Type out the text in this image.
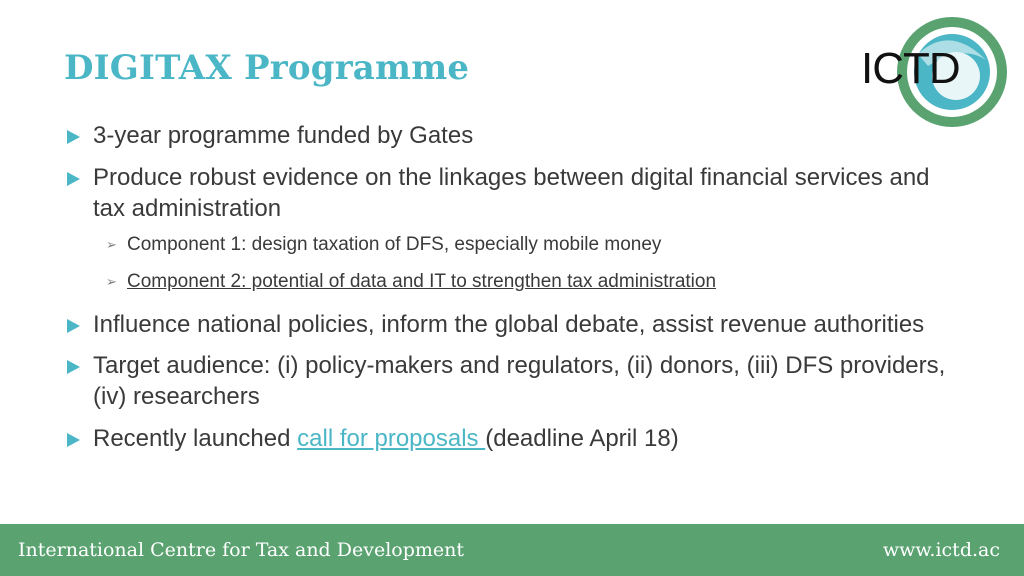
DIGITAX Programme	ICTD
3-year programme funded by Gates
Produce robust evidence on the linkages between digital financial services and tax administration
➢ Component 1: design taxation of DFS, especially mobile money
➢ Component 2: potential of data and IT to strengthen tax administration
Influence national policies, inform the global debate, assist revenue authorities
Target audience: (i) policy-makers and regulators, (ii) donors, (iii) DFS providers, (iv) researchers
Recently launched call for proposals (deadline April 18)
International Centre for Tax and Development	www.ictd.ac
